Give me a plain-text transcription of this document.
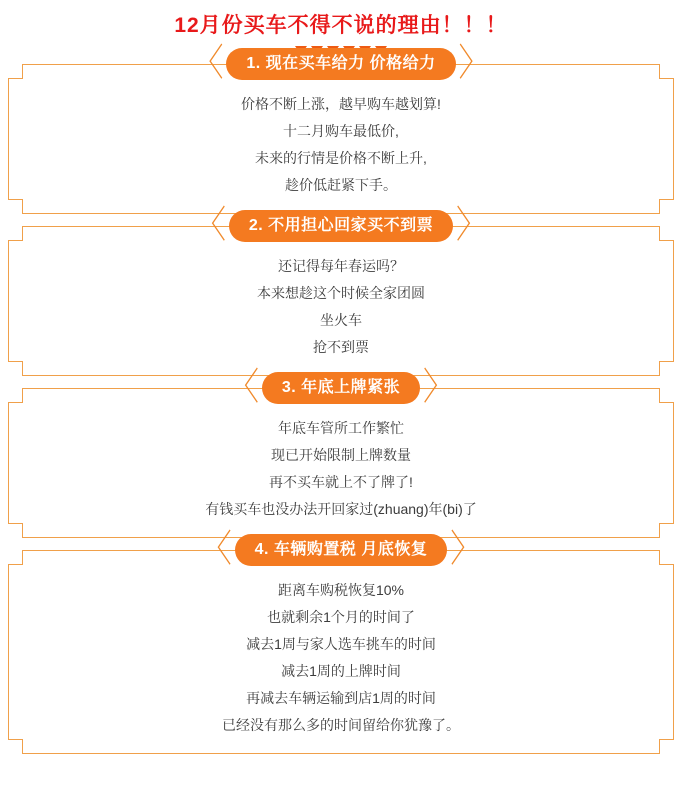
12月份买车不得不说的理由！！！
〈	1. 现在买车给力 价格给力 〉
价格不断上涨，越早购车越划算!
十二月购车最低价,
未来的行情是价格不断上升,
趁价低赶紧下手。
〈	2. 不用担心回家买不到票 〉
还记得每年春运吗？
本来想趁这个时候全家团圆
坐火车
抢不到票
〈	3. 年底上牌紧张 〉
年底车管所工作繁忙
现已开始限制上牌数量
再不买车就上不了牌了!
有钱买车也没办法开回家过(zhuang)年(bi)了
〈	4. 车辆购置税 月底恢复 〉
距离车购税恢复10%
也就剩余1个月的时间了
减去1周与家人选车挑车的时间
减去1周的上牌时间
再减去车辆运输到店1周的时间
已经没有那么多的时间留给你犹豫了。
